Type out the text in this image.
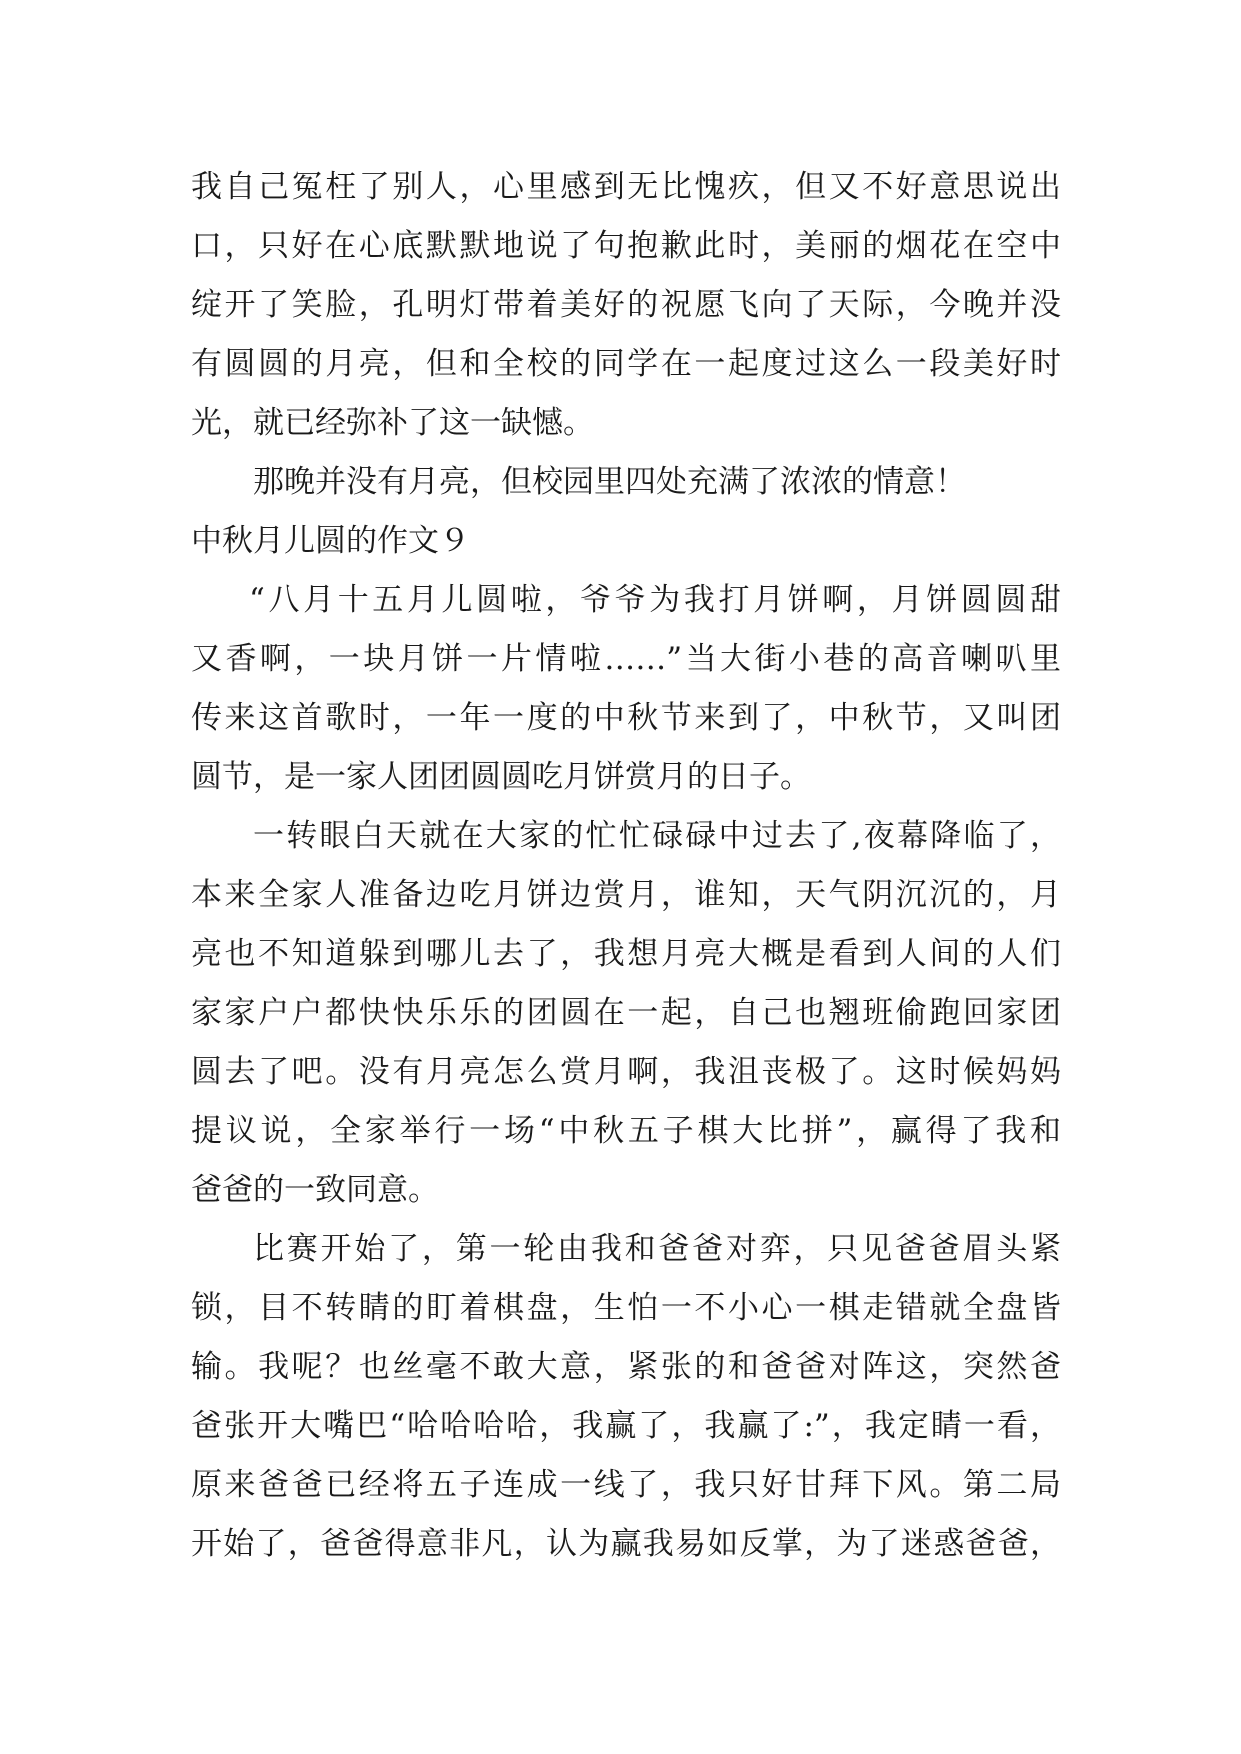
我自己冤枉了别人，心里感到无比愧疚，但又不好意思说出
口，只好在心底默默地说了句抱歉此时，美丽的烟花在空中
绽开了笑脸，孔明灯带着美好的祝愿飞向了天际，今晚并没
有圆圆的月亮，但和全校的同学在一起度过这么一段美好时
光，就已经弥补了这一缺憾。
那晚并没有月亮，但校园里四处充满了浓浓的情意！
中秋月儿圆的作文９
“八月十五月儿圆啦，爷爷为我打月饼啊，月饼圆圆甜
又香啊，一块月饼一片情啦……”当大街小巷的高音喇叭里
传来这首歌时，一年一度的中秋节来到了，中秋节，又叫团
圆节，是一家人团团圆圆吃月饼赏月的日子。
一转眼白天就在大家的忙忙碌碌中过去了,夜幕降临了，
本来全家人准备边吃月饼边赏月，谁知，天气阴沉沉的，月
亮也不知道躲到哪儿去了，我想月亮大概是看到人间的人们
家家户户都快快乐乐的团圆在一起，自己也翘班偷跑回家团
圆去了吧。没有月亮怎么赏月啊，我沮丧极了。这时候妈妈
提议说，全家举行一场“中秋五子棋大比拼”，赢得了我和
爸爸的一致同意。
比赛开始了，第一轮由我和爸爸对弈，只见爸爸眉头紧
锁，目不转睛的盯着棋盘，生怕一不小心一棋走错就全盘皆
输。我呢？也丝毫不敢大意，紧张的和爸爸对阵这，突然爸
爸张开大嘴巴“哈哈哈哈，我赢了，我赢了:”，我定睛一看，
原来爸爸已经将五子连成一线了，我只好甘拜下风。第二局
开始了，爸爸得意非凡，认为赢我易如反掌，为了迷惑爸爸，
